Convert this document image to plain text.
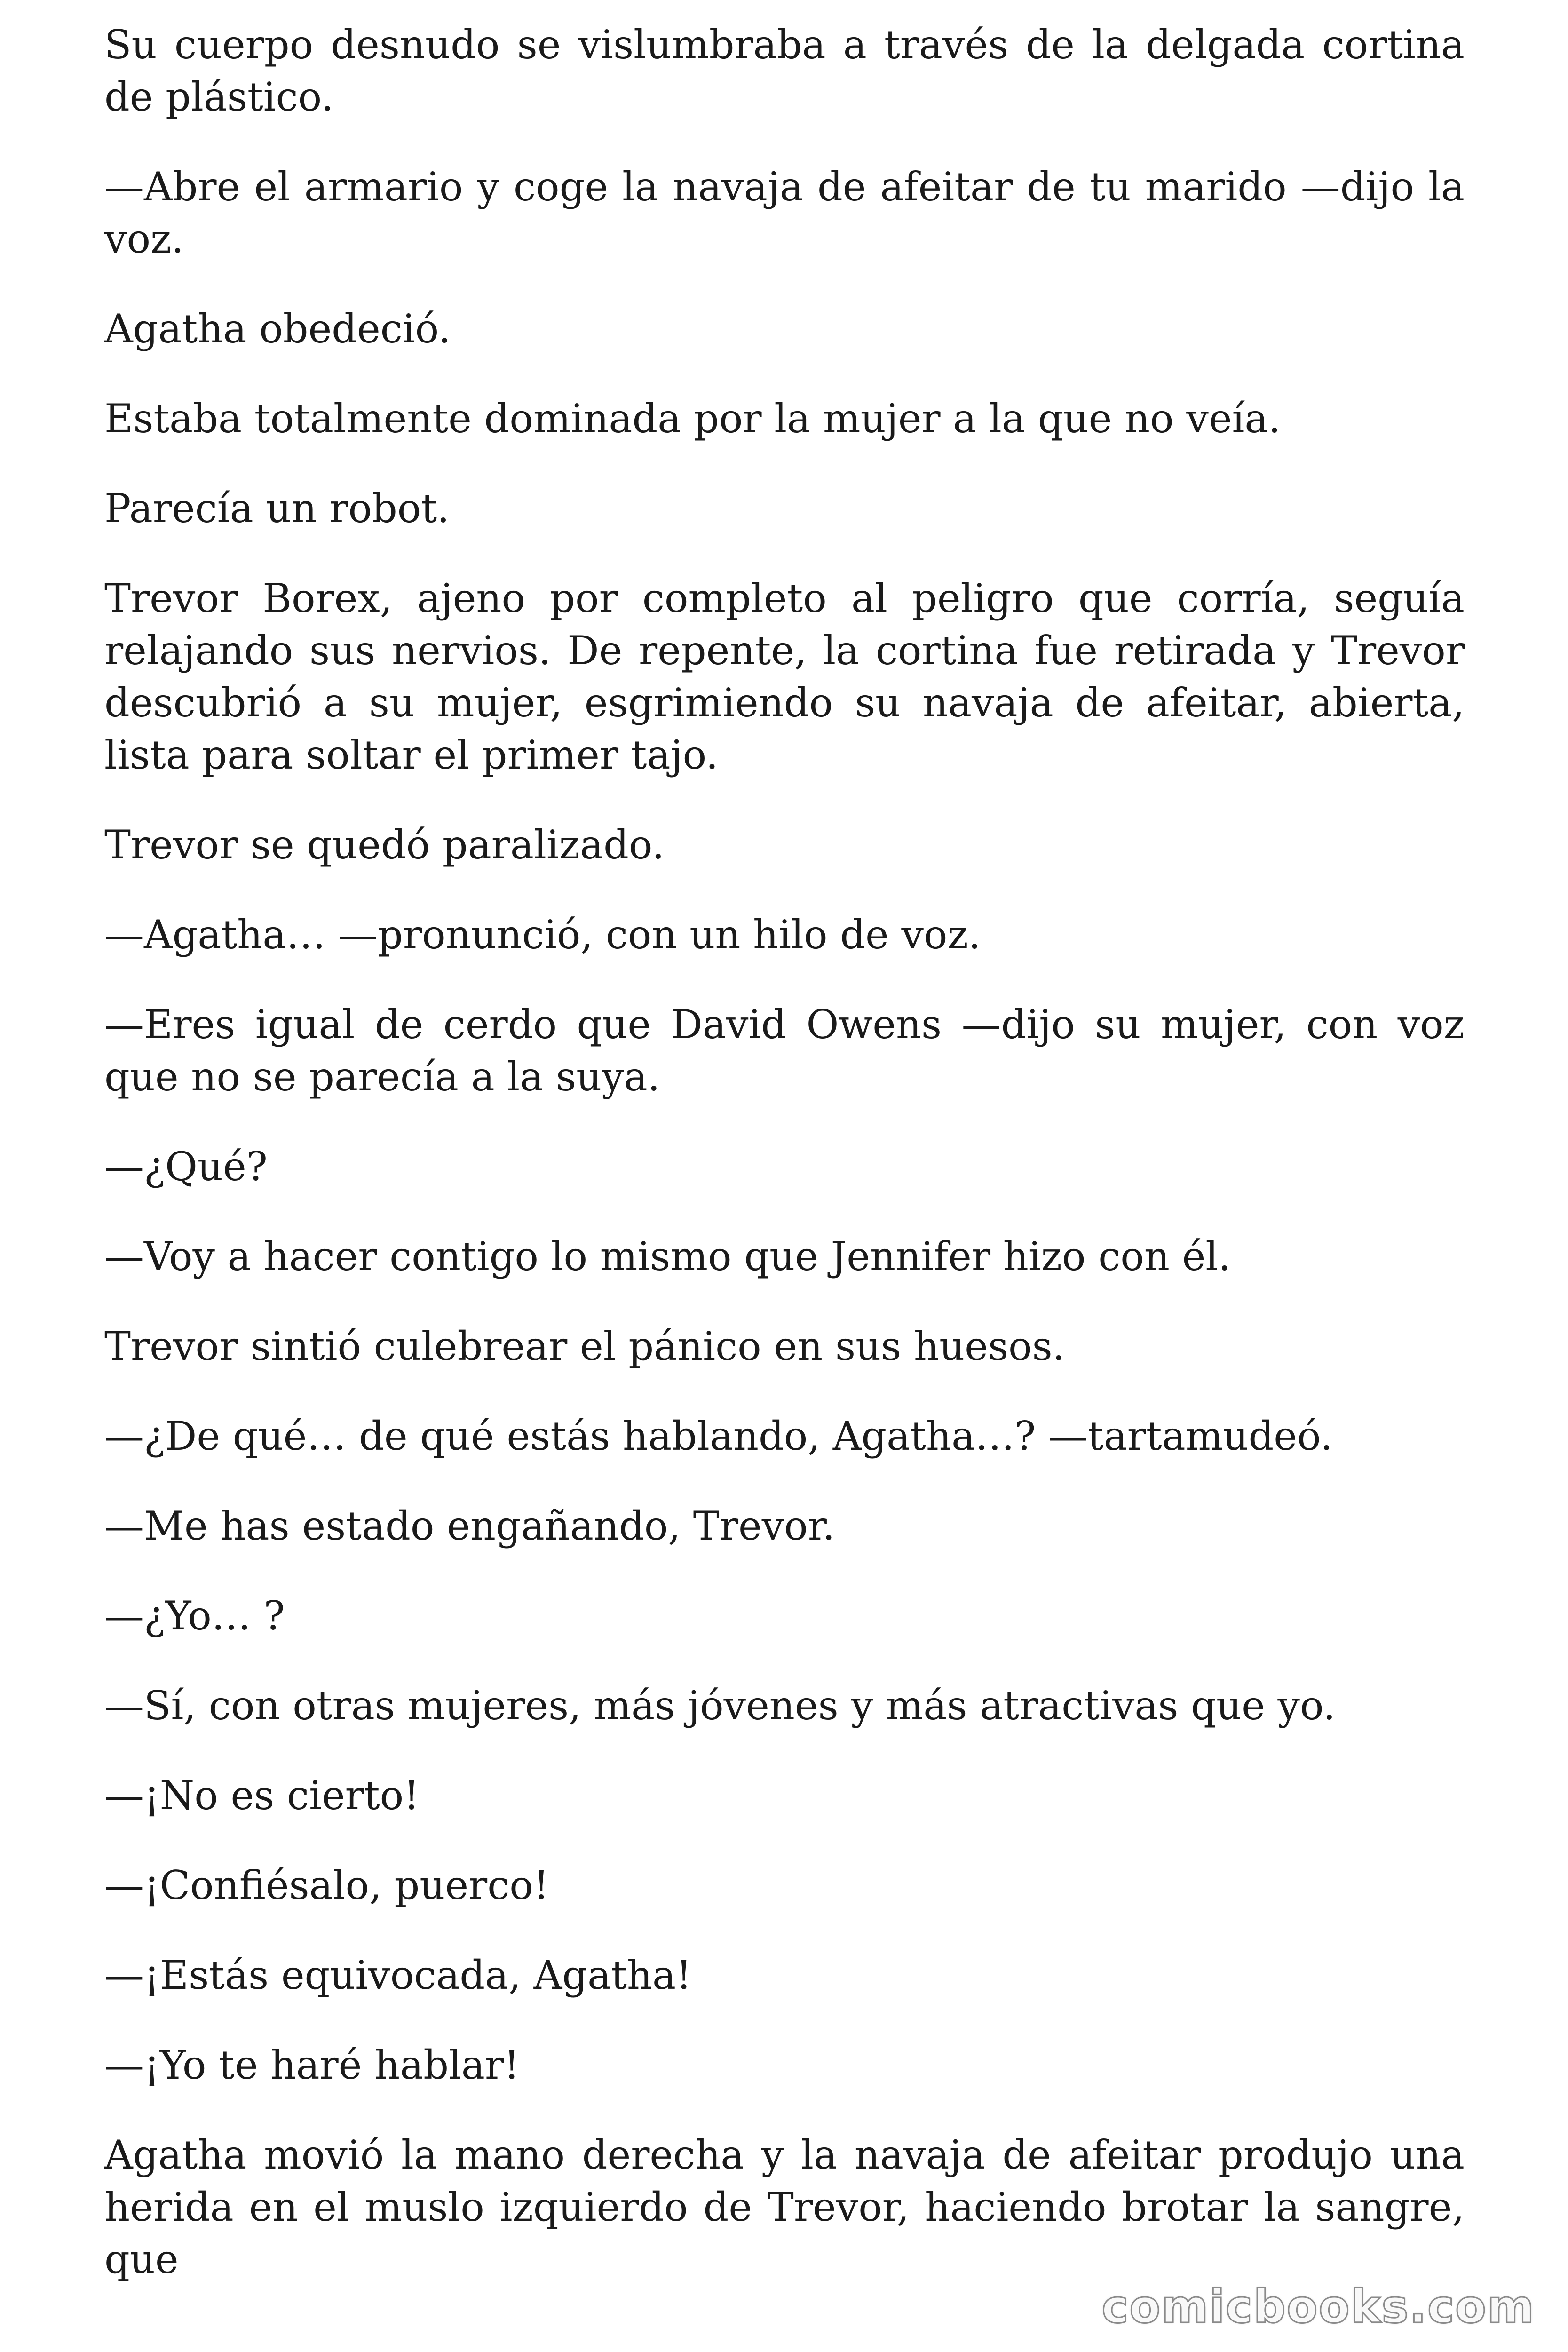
Su cuerpo desnudo se vislumbraba a través de la delgada cortina de plástico.

—Abre el armario y coge la navaja de afeitar de tu marido —dijo la voz.

Agatha obedeció.

Estaba totalmente dominada por la mujer a la que no veía.

Parecía un robot.

Trevor Borex, ajeno por completo al peligro que corría, seguía relajando sus nervios. De repente, la cortina fue retirada y Trevor descubrió a su mujer, esgrimiendo su navaja de afeitar, abierta, lista para soltar el primer tajo.

Trevor se quedó paralizado.

—Agatha… —pronunció, con un hilo de voz.

—Eres igual de cerdo que David Owens —dijo su mujer, con voz que no se parecía a la suya.

—¿Qué?

—Voy a hacer contigo lo mismo que Jennifer hizo con él.

Trevor sintió culebrear el pánico en sus huesos.

—¿De qué… de qué estás hablando, Agatha…? —tartamudeó.

—Me has estado engañando, Trevor.

—¿Yo… ?

—Sí, con otras mujeres, más jóvenes y más atractivas que yo.

—¡No es cierto!

—¡Confiésalo, puerco!

—¡Estás equivocada, Agatha!

—¡Yo te haré hablar!

Agatha movió la mano derecha y la navaja de afeitar produjo una herida en el muslo izquierdo de Trevor, haciendo brotar la sangre, que

comicbooks.com
